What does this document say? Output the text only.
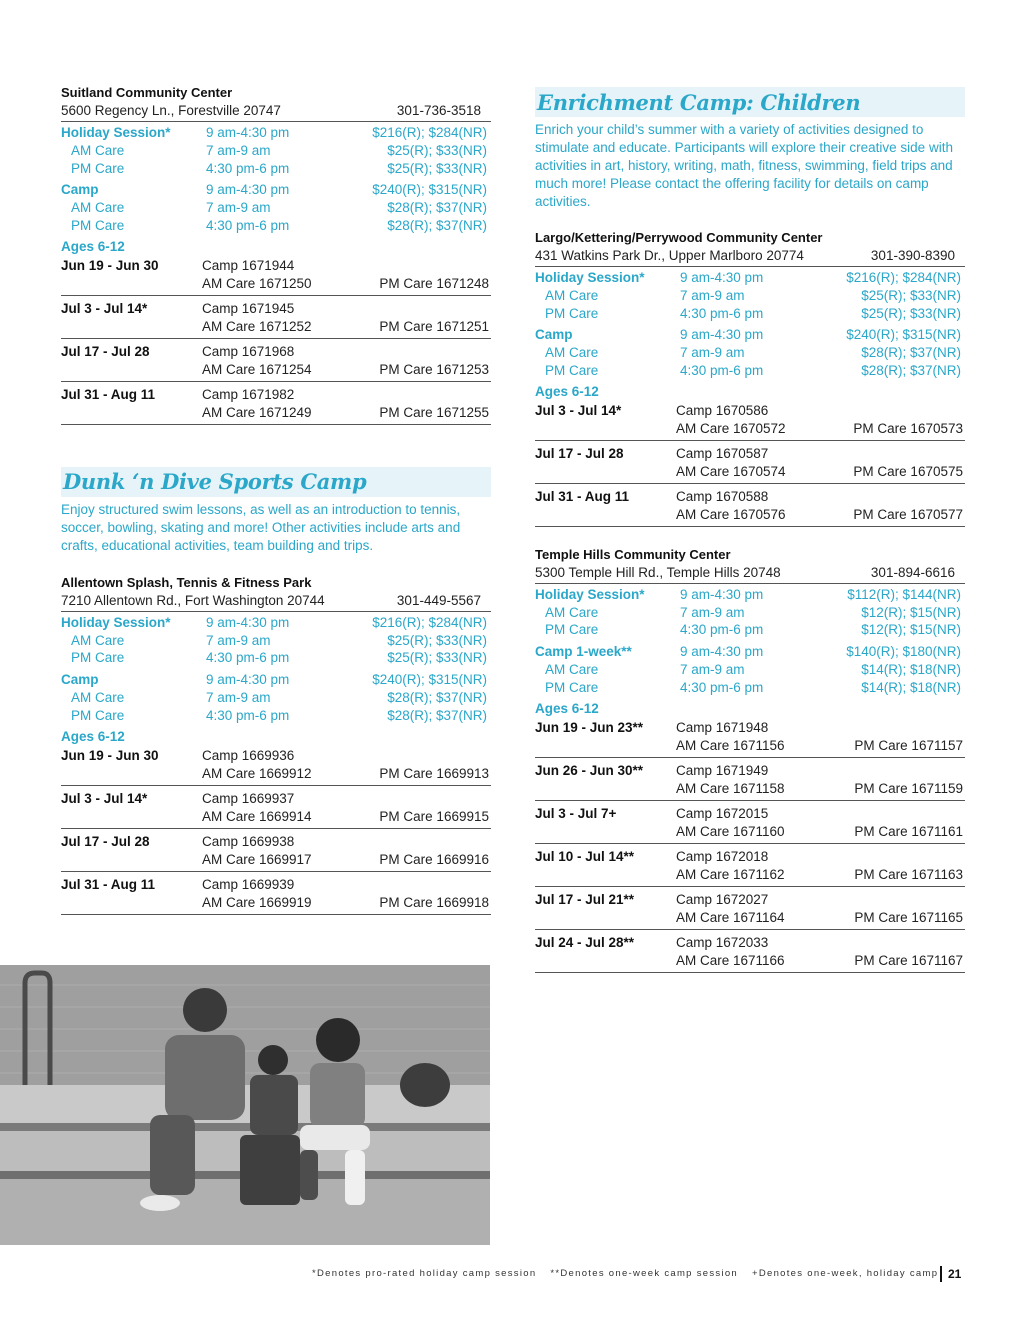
Suitland Community Center
5600 Regency Ln., Forestville 20747	301-736-3518
Holiday Session*	9 am-4:30 pm	$216(R); $284(NR)
AM Care	7 am-9 am	$25(R); $33(NR)
PM Care	4:30 pm-6 pm	$25(R); $33(NR)
Camp	9 am-4:30 pm	$240(R); $315(NR)
AM Care	7 am-9 am	$28(R); $37(NR)
PM Care	4:30 pm-6 pm	$28(R); $37(NR)
Ages 6-12
Jun 19 - Jun 30	Camp 1671944
AM Care 1671250	PM Care 1671248
Jul 3 - Jul 14*	Camp 1671945
AM Care 1671252	PM Care 1671251
Jul 17 - Jul 28	Camp 1671968
AM Care 1671254	PM Care 1671253
Jul 31 - Aug 11	Camp 1671982
AM Care 1671249	PM Care 1671255
Dunk ‘n Dive Sports Camp
Enjoy structured swim lessons, as well as an introduction to tennis, soccer, bowling, skating and more! Other activities include arts and crafts, educational activities, team building and trips.
Allentown Splash, Tennis & Fitness Park
7210 Allentown Rd., Fort Washington 20744	301-449-5567
Holiday Session*	9 am-4:30 pm	$216(R); $284(NR)
AM Care	7 am-9 am	$25(R); $33(NR)
PM Care	4:30 pm-6 pm	$25(R); $33(NR)
Camp	9 am-4:30 pm	$240(R); $315(NR)
AM Care	7 am-9 am	$28(R); $37(NR)
PM Care	4:30 pm-6 pm	$28(R); $37(NR)
Ages 6-12
Jun 19 - Jun 30	Camp 1669936
AM Care 1669912	PM Care 1669913
Jul 3 - Jul 14*	Camp 1669937
AM Care 1669914	PM Care 1669915
Jul 17 - Jul 28	Camp 1669938
AM Care 1669917	PM Care 1669916
Jul 31 - Aug 11	Camp 1669939
AM Care 1669919	PM Care 1669918
Enrichment Camp: Children
Enrich your child’s summer with a variety of activities designed to stimulate and educate. Participants will explore their creative side with activities in art, history, writing, math, fitness, swimming, field trips and much more! Please contact the offering facility for details on camp activities.
Largo/Kettering/Perrywood Community Center
431 Watkins Park Dr., Upper Marlboro 20774	301-390-8390
Holiday Session*	9 am-4:30 pm	$216(R); $284(NR)
AM Care	7 am-9 am	$25(R); $33(NR)
PM Care	4:30 pm-6 pm	$25(R); $33(NR)
Camp	9 am-4:30 pm	$240(R); $315(NR)
AM Care	7 am-9 am	$28(R); $37(NR)
PM Care	4:30 pm-6 pm	$28(R); $37(NR)
Ages 6-12
Jul 3 - Jul 14*	Camp 1670586
AM Care 1670572	PM Care 1670573
Jul 17 - Jul 28	Camp 1670587
AM Care 1670574	PM Care 1670575
Jul 31 - Aug 11	Camp 1670588
AM Care 1670576	PM Care 1670577
Temple Hills Community Center
5300 Temple Hill Rd., Temple Hills 20748	301-894-6616
Holiday Session*	9 am-4:30 pm	$112(R); $144(NR)
AM Care	7 am-9 am	$12(R); $15(NR)
PM Care	4:30 pm-6 pm	$12(R); $15(NR)
Camp 1-week**	9 am-4:30 pm	$140(R); $180(NR)
AM Care	7 am-9 am	$14(R); $18(NR)
PM Care	4:30 pm-6 pm	$14(R); $18(NR)
Ages 6-12
Jun 19 - Jun 23**	Camp 1671948
AM Care 1671156	PM Care 1671157
Jun 26 - Jun 30**	Camp 1671949
AM Care 1671158	PM Care 1671159
Jul 3 - Jul 7+	Camp 1672015
AM Care 1671160	PM Care 1671161
Jul 10 - Jul 14**	Camp 1672018
AM Care 1671162	PM Care 1671163
Jul 17 - Jul 21**	Camp 1672027
AM Care 1671164	PM Care 1671165
Jul 24 - Jul 28**	Camp 1672033
AM Care 1671166	PM Care 1671167
*Denotes pro-rated holiday camp session **Denotes one-week camp session +Denotes one-week, holiday camp 21
